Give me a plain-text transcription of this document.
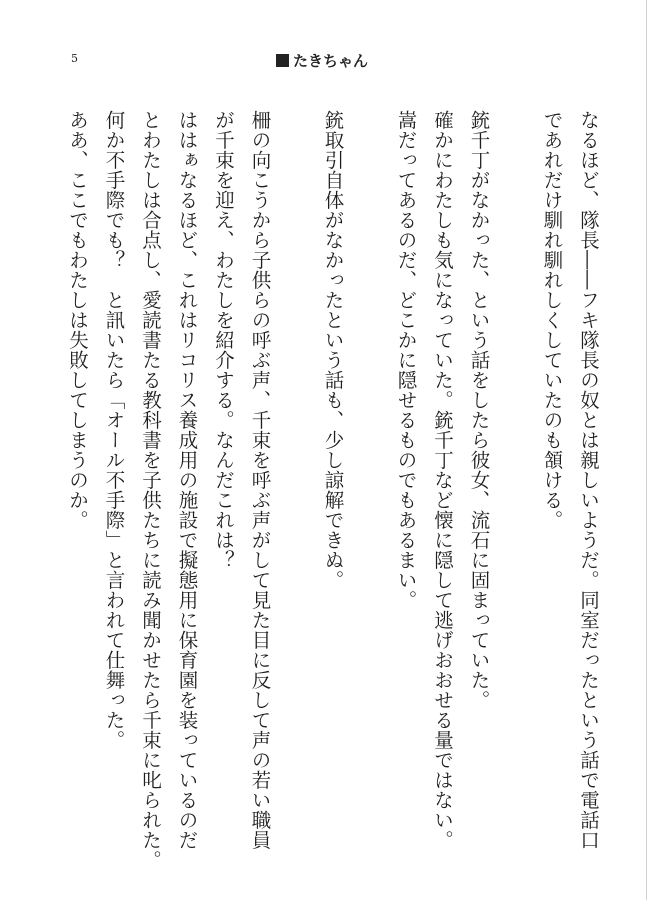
5	たきちゃん
なるほど、隊長――フキ隊長の奴とは親しいようだ。同室だったという話で電話口
であれだけ馴れ馴れしくしていたのも頷ける。
銃千丁がなかった、という話をしたら彼女、流石に固まっていた。
確かにわたしも気になっていた。銃千丁など懐に隠して逃げおおせる量ではない。
嵩だってあるのだ、どこかに隠せるものでもあるまい。
銃取引自体がなかったという話も、少し諒解できぬ。
柵の向こうから子供らの呼ぶ声、千束を呼ぶ声がして見た目に反して声の若い職員
が千束を迎え、わたしを紹介する。なんだこれは？
ははぁなるほど、これはリコリス養成用の施設で擬態用に保育園を装っているのだ
とわたしは合点し、愛読書たる教科書を子供たちに読み聞かせたら千束に叱られた。
何か不手際でも？　と訊いたら「オール不手際」と言われて仕舞った。
ああ、ここでもわたしは失敗してしまうのか。
